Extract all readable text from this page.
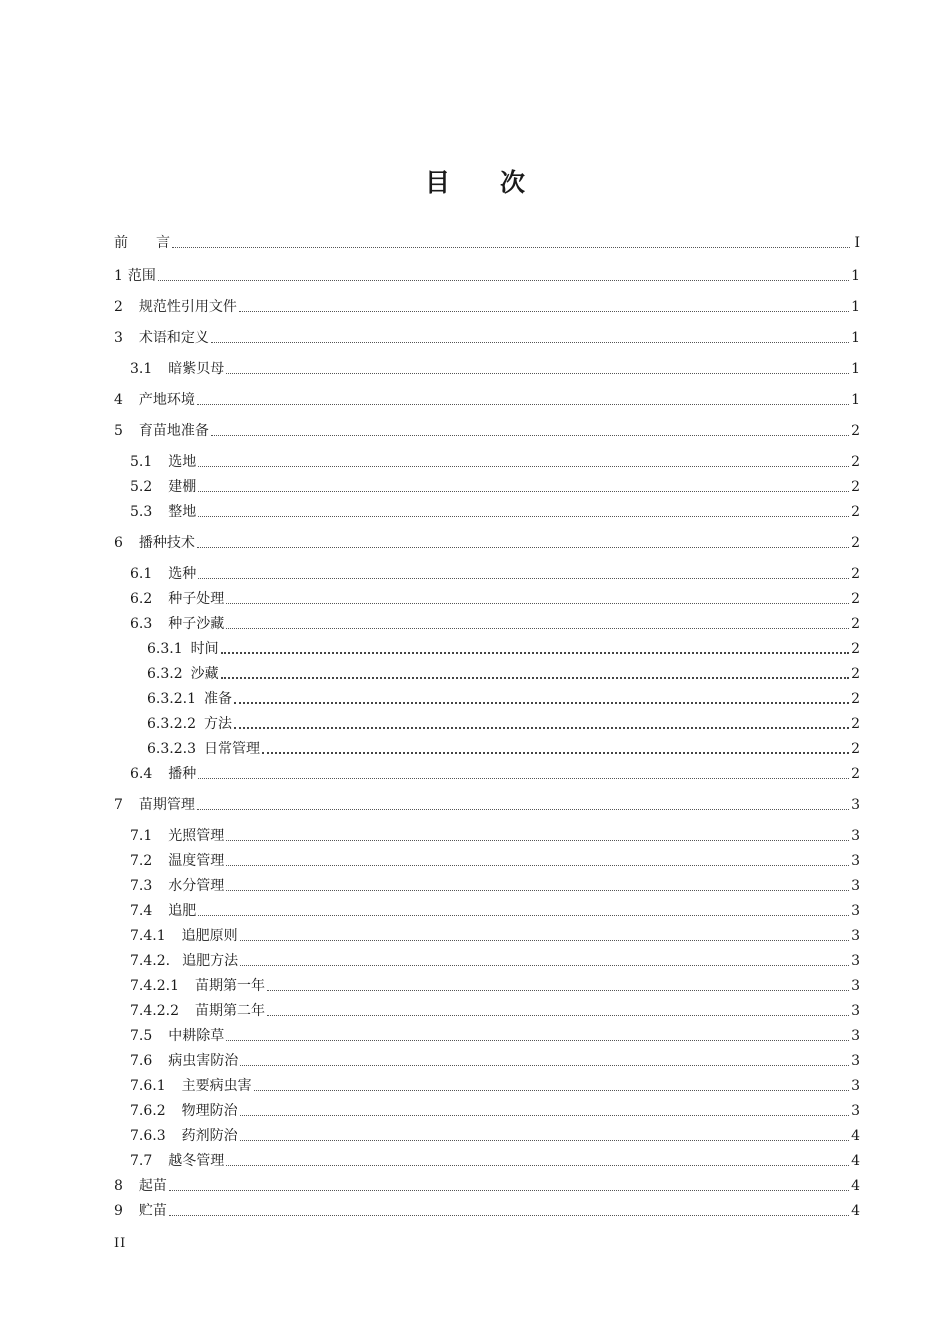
目　　次
前 言	I
1 范围	1
2 规范性引用文件	1
3 术语和定义	1
3.1 暗紫贝母	1
4 产地环境	1
5 育苗地准备	2
5.1 选地	2
5.2 建棚	2
5.3 整地	2
6 播种技术	2
6.1 选种	2
6.2 种子处理	2
6.3 种子沙藏	2
6.3.1 时间	2
6.3.2 沙藏	2
6.3.2.1 准备	2
6.3.2.2 方法	2
6.3.2.3 日常管理	2
6.4 播种	2
7 苗期管理	3
7.1 光照管理	3
7.2 温度管理	3
7.3 水分管理	3
7.4 追肥	3
7.4.1 追肥原则	3
7.4.2. 追肥方法	3
7.4.2.1 苗期第一年	3
7.4.2.2 苗期第二年	3
7.5 中耕除草	3
7.6 病虫害防治	3
7.6.1 主要病虫害	3
7.6.2 物理防治	3
7.6.3 药剂防治	4
7.7 越冬管理	4
8 起苗	4
9 贮苗	4
II
